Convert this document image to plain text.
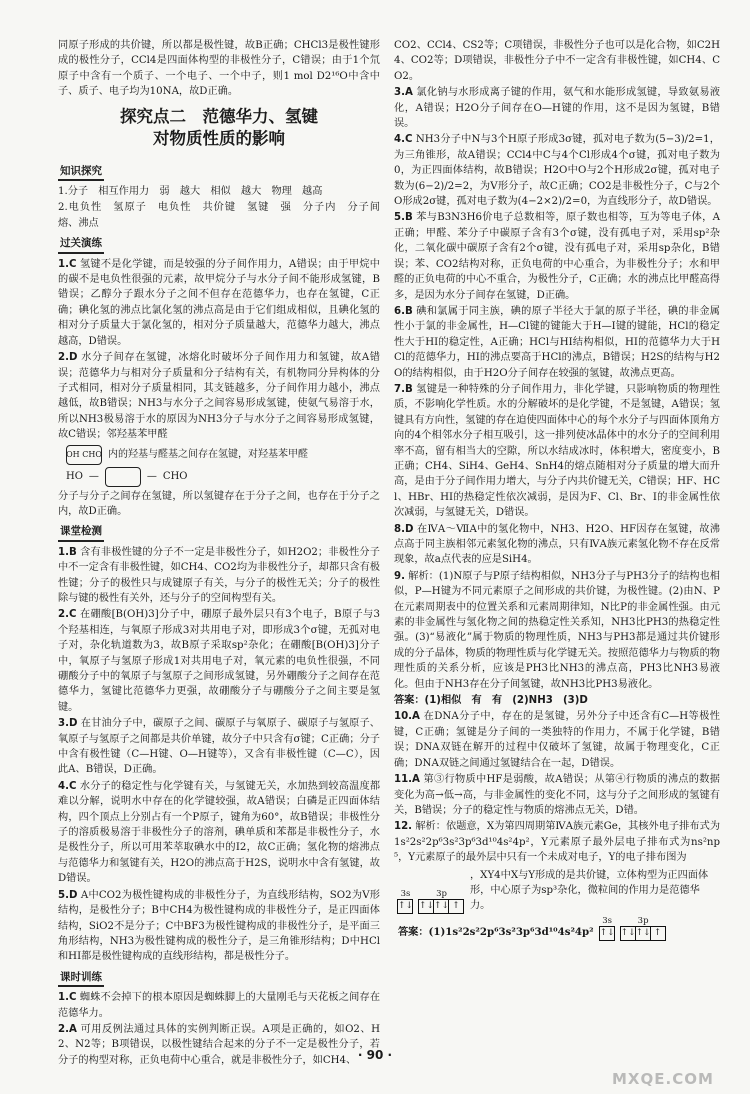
同原子形成的共价键，所以都是极性键，故B正确；CHCl3是极性键形成的极性分子，CCl4是四面体构型的非极性分子，C错误；由于1个氘原子中含有一个质子、一个电子、一个中子，则1 mol D2¹⁶O中含中子、质子、电子均为10NA，故D正确。

探究点二　范德华力、氢键
对物质性质的影响
知识探究

1.分子　相互作用力　弱　越大　相似　越大　物理　越高

2.电负性　氢原子　电负性　共价键　氢键　强　分子内　分子间　熔、沸点

过关演练

1.C 氢键不是化学键，而是较强的分子间作用力，A错误；由于甲烷中的碳不是电负性很强的元素，故甲烷分子与水分子间不能形成氢键，B错误；乙醇分子跟水分子之间不但存在范德华力，也存在氢键，C正确；碘化氢的沸点比氯化氢的沸点高是由于它们组成相似，且碘化氢的相对分子质量大于氯化氢的，相对分子质量越大，范德华力越大，沸点越高，D错误。

2.D 水分子间存在氢键，冰熔化时破坏分子间作用力和氢键，故A错误；范德华力与相对分子质量和分子结构有关，有机物同分异构体的分子式相同，相对分子质量相同，其支链越多，分子间作用力越小，沸点越低，故B错误；NH3与水分子之间容易形成氢键，使氨气易溶于水，所以NH3极易溶于水的原因为NH3分子与水分子之间容易形成氢键，故C错误；邻羟基苯甲醛

OH
CHO 内的羟基与醛基之间存在氢键，对羟基苯甲醛
HO —	— CHO

分子与分子之间存在氢键，所以氢键存在于分子之间，也存在于分子之内，故D正确。

课堂检测

1.B 含有非极性键的分子不一定是非极性分子，如H2O2；非极性分子中不一定含有非极性键，如CH4、CO2均为非极性分子，却都只含有极性键；分子的极性只与成键原子有关，与分子的极性无关；分子的极性除与键的极性有关外，还与分子的空间构型有关。

2.C 在硼酸[B(OH)3]分子中，硼原子最外层只有3个电子，B原子与3个羟基相连，与氧原子形成3对共用电子对，即形成3个σ键，无孤对电子对，杂化轨道数为3，故B原子采取sp²杂化；在硼酸[B(OH)3]分子中，氧原子与氢原子形成1对共用电子对，氧元素的电负性很强，不同硼酸分子中的氧原子与氢原子之间形成氢键，另外硼酸分子之间存在范德华力，氢键比范德华力更强，故硼酸分子与硼酸分子之间主要是氢键。

3.D 在甘油分子中，碳原子之间、碳原子与氧原子、碳原子与氢原子、氧原子与氢原子之间都是共价单键，故分子中只含有σ键；C正确；分子中含有极性键（C—H键、O—H键等），又含有非极性键（C—C），因此A、B错误，D正确。

4.C 水分子的稳定性与化学键有关，与氢键无关，水加热到较高温度都难以分解，说明水中存在的化学键较强，故A错误；白磷是正四面体结构，四个顶点上分别占有一个P原子，键角为60°，故B错误；非极性分子的溶质极易溶于非极性分子的溶剂，碘单质和苯都是非极性分子，水是极性分子，所以可用苯萃取碘水中的I2，故C正确；氢化物的熔沸点与范德华力和氢键有关，H2O的沸点高于H2S，说明水中含有氢键，故D错误。

5.D A中CO2为极性键构成的非极性分子，为直线形结构，SO2为V形结构，是极性分子；B中CH4为极性键构成的非极性分子，是正四面体结构，SiO2不是分子；C中BF3为极性键构成的非极性分子，是平面三角形结构，NH3为极性键构成的极性分子，是三角锥形结构；D中HCl和HI都是极性键构成的直线形结构，都是极性分子。

课时训练

1.C 蜘蛛不会掉下的根本原因是蜘蛛脚上的大量刚毛与天花板之间存在范德华力。

2.A 可用反例法通过具体的实例判断正误。A项是正确的，如O2、H2、N2等；B项错误，以极性键结合起来的分子不一定是极性分子，若分子的构型对称，正负电荷中心重合，就是非极性分子，如CH4、

CO2、CCl4、CS2等；C项错误，非极性分子也可以是化合物，如C2H4、CO2等；D项错误，非极性分子中不一定含有非极性键，如CH4、CO2。

3.A 氯化钠与水形成离子键的作用，氨气和水能形成氢键，导致氨易液化，A错误；H2O分子间存在O—H键的作用，这不是因为氢键，B错误。

4.C NH3分子中N与3个H原子形成3σ键，孤对电子数为(5−3)/2=1，为三角锥形，故A错误；CCl4中C与4个Cl形成4个σ键，孤对电子数为0，为正四面体结构，故B错误；H2O中O与2个H形成2σ键，孤对电子数为(6−2)/2=2，为V形分子，故C正确；CO2是非极性分子，C与2个O形成2σ键，孤对电子数为(4−2×2)/2=0，为直线形分子，故D错误。

5.B 苯与B3N3H6价电子总数相等，原子数也相等，互为等电子体，A正确；甲醛、苯分子中碳原子含有3个σ键，没有孤电子对，采用sp²杂化，二氧化碳中碳原子含有2个σ键，没有孤电子对，采用sp杂化，B错误；苯、CO2结构对称，正负电荷的中心重合，为非极性分子；水和甲醛的正负电荷的中心不重合，为极性分子，C正确；水的沸点比甲醛高得多，是因为水分子间存在氢键，D正确。

6.B 碘和氯属于同主族，碘的原子半径大于氯的原子半径，碘的非金属性小于氯的非金属性，H—Cl键的键能大于H—I键的键能，HCl的稳定性大于HI的稳定性，A正确；HCl与HI结构相似，HI的范德华力大于HCl的范德华力，HI的沸点要高于HCl的沸点，B错误；H2S的结构与H2O的结构相似，由于H2O分子间存在较强的氢键，故沸点更高。

7.B 氢键是一种特殊的分子间作用力，非化学键，只影响物质的物理性质，不影响化学性质。水的分解破坏的是化学键，不是氢键，A错误；氢键具有方向性，氢键的存在迫使四面体中心的每个水分子与四面体顶角方向的4个相邻水分子相互吸引，这一排列使冰晶体中的水分子的空间利用率不高，留有相当大的空隙，所以水结成冰时，体积增大，密度变小，B正确；CH4、SiH4、GeH4、SnH4的熔点随相对分子质量的增大而升高，是由于分子间作用力增大，与分子内共价键无关，C错误；HF、HCl、HBr、HI的热稳定性依次减弱，是因为F、Cl、Br、I的非金属性依次减弱，与氢键无关，D错误。

8.D 在ⅣA～ⅦA中的氢化物中，NH3、H2O、HF因存在氢键，故沸点高于同主族相邻元素氢化物的沸点，只有ⅣA族元素氢化物不存在反常现象，故a点代表的应是SiH4。

9. 解析：(1)N原子与P原子结构相似，NH3分子与PH3分子的结构也相似，P—H键为不同元素原子之间形成的共价键，为极性键。(2)由N、P在元素周期表中的位置关系和元素周期律知，N比P的非金属性强。由元素的非金属性与氢化物之间的热稳定性关系知，NH3比PH3的热稳定性强。(3)“易液化”属于物质的物理性质，NH3与PH3都是通过共价键形成的分子晶体，物质的物理性质与化学键无关。按照范德华力与物质的物理性质的关系分析，应该是PH3比NH3的沸点高，PH3比NH3易液化。但由于NH3存在分子间氢键，故NH3比PH3易液化。

答案：(1)相似　有　有　(2)NH3　(3)D

10.A 在DNA分子中，存在的是氢键，另外分子中还含有C—H等极性键，C正确；氢键是分子间的一类独特的作用力，不属于化学键，B错误；DNA双链在解开的过程中仅破坏了氢键，故属于物理变化，C正确；DNA双链之间通过氢键结合在一起，D错误。

11.A 第③行物质中HF是弱酸，故A错误；从第④行物质的沸点的数据变化为高→低→高，与非金属性的变化不同，这与分子之间形成的氢键有关，B错误；分子的稳定性与物质的熔沸点无关，D错。

12. 解析：依题意，X为第四周期第ⅣA族元素Ge，其核外电子排布式为1s²2s²2p⁶3s²3p⁶3d¹⁰4s²4p²，Y元素原子最外层电子排布式为ns²np⁵，Y元素原子的最外层中只有一个未成对电子，Y的电子排布图为

3s
↑↓
3p
↑↓ ↑↓ ↑
，XY4中X与Y形成的是共价键，立体构型为正四面体形，中心原子为sp³杂化，微粒间的作用力是范德华力。
答案：(1)1s²2s²2p⁶3s²3p⁶3d¹⁰4s²4p²
3s
↑↓
3p
↑↓ ↑↓ ↑
· 90 ·
MXQE.COM
